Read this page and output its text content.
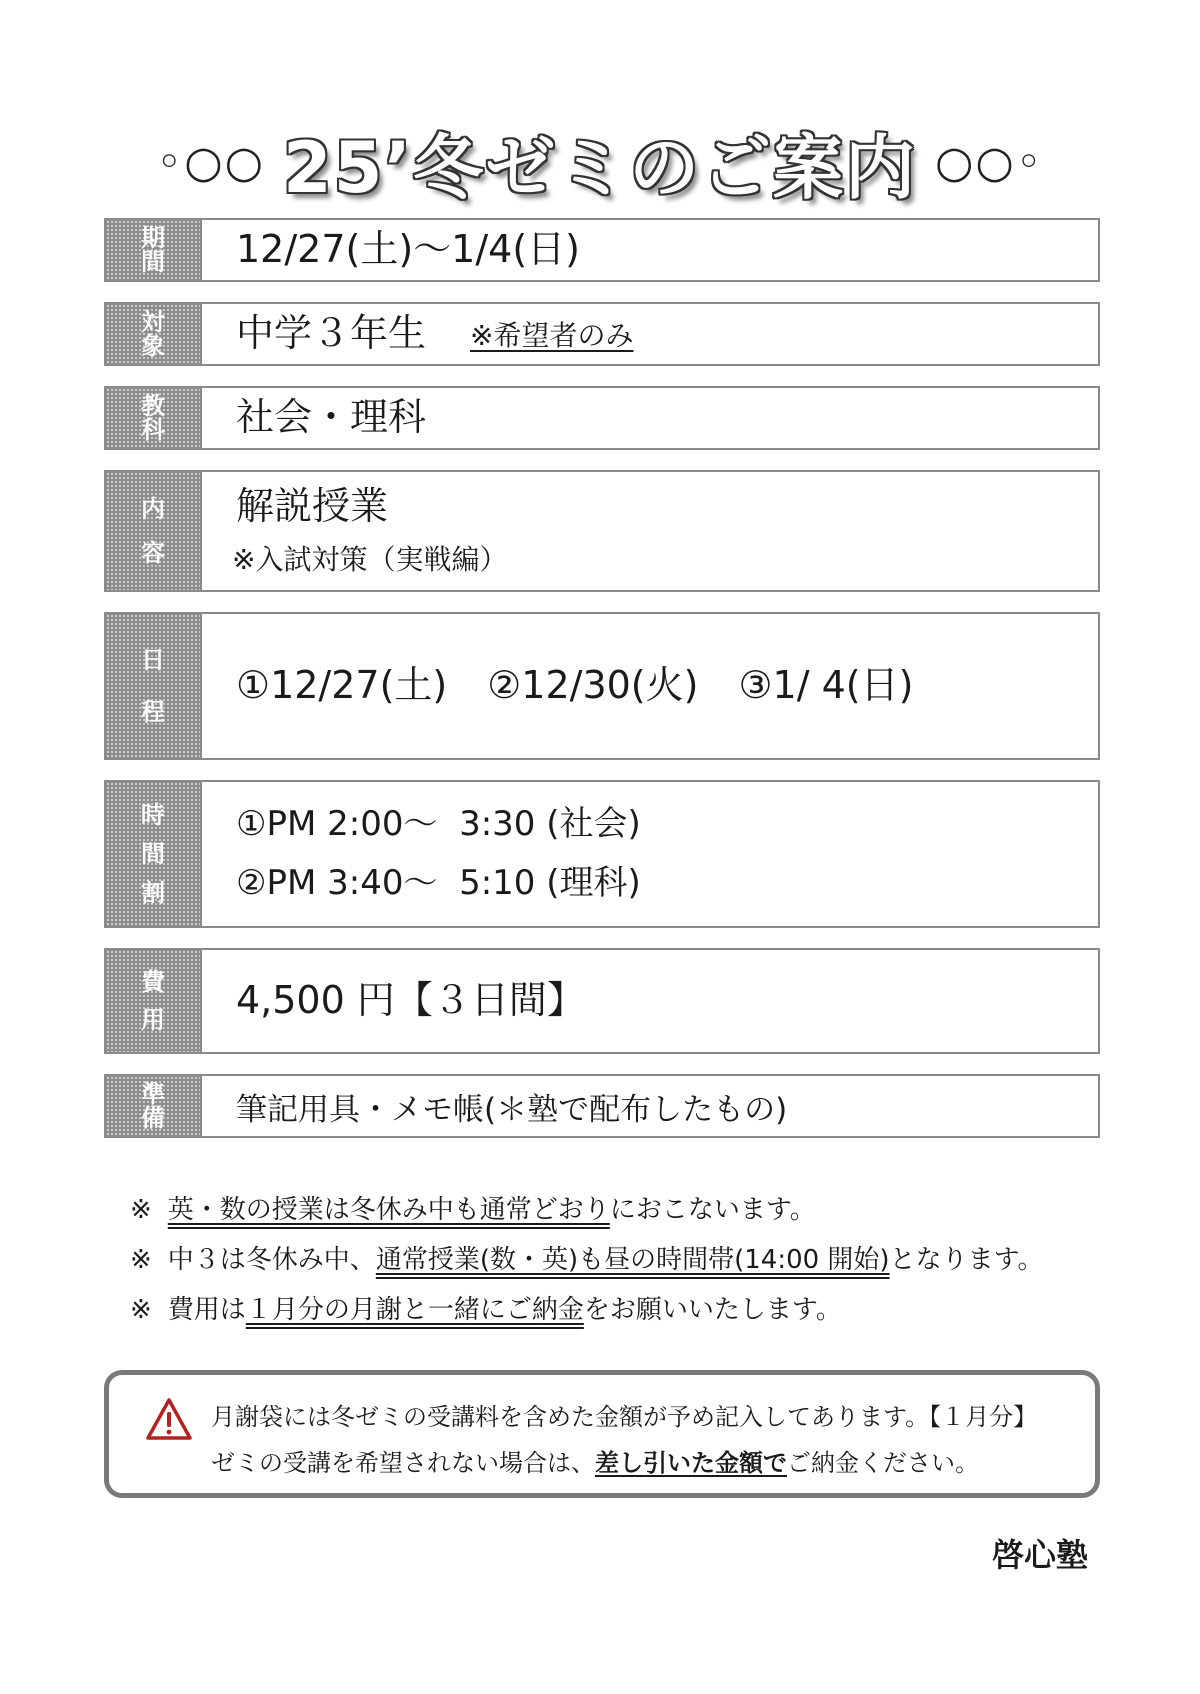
◦○○ 25’冬ゼミのご案内 ○○◦
期
間 12/27(土)～1/4(日)
対
象 中学３年生 ※希望者のみ
教
科 社会・理科
内
容
解説授業
※入試対策（実戦編）
日
程
①12/27(土) ②12/30(火) ③1/ 4(日)
時
間
割
①PM 2:00～  3:30 (社会)
②PM 3:40～  5:10 (理科)
費
用 4,500 円【３日間】
準
備 筆記用具・メモ帳(＊塾で配布したもの)
※ 英・数の授業は冬休み中も通常どおり におこないます。
※ 中３は冬休み中、 通常授業(数・英)も昼の時間帯(14:00 開始) となります。
※ 費用は １月分の月謝と一緒にご納金 をお願いいたします。
月謝袋には冬ゼミの受講料を含めた金額が予め記入してあります。【１月分】
ゼミの受講を希望されない場合は、差し引いた金額でご納金ください。
啓心塾
